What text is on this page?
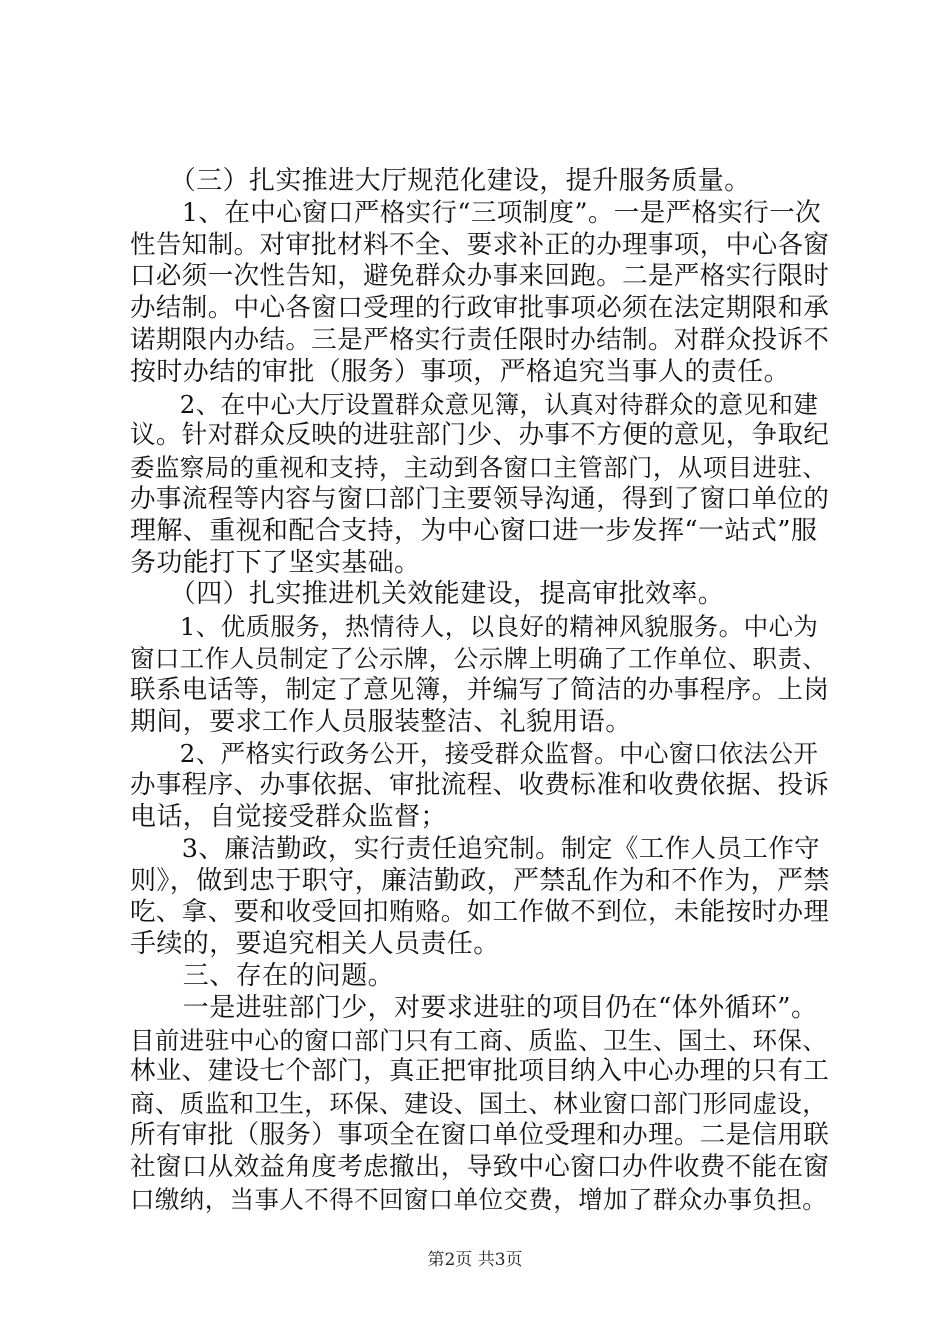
　　（三）扎实推进大厅规范化建设，提升服务质量。
　　1、在中心窗口严格实行“三项制度”。一是严格实行一次
性告知制。对审批材料不全、要求补正的办理事项，中心各窗
口必须一次性告知，避免群众办事来回跑。二是严格实行限时
办结制。中心各窗口受理的行政审批事项必须在法定期限和承
诺期限内办结。三是严格实行责任限时办结制。对群众投诉不
按时办结的审批（服务）事项，严格追究当事人的责任。
　　2、在中心大厅设置群众意见簿，认真对待群众的意见和建
议。针对群众反映的进驻部门少、办事不方便的意见，争取纪
委监察局的重视和支持，主动到各窗口主管部门，从项目进驻、
办事流程等内容与窗口部门主要领导沟通，得到了窗口单位的
理解、重视和配合支持，为中心窗口进一步发挥“一站式”服
务功能打下了坚实基础。
　　（四）扎实推进机关效能建设，提高审批效率。
　　1、优质服务，热情待人，以良好的精神风貌服务。中心为
窗口工作人员制定了公示牌，公示牌上明确了工作单位、职责、
联系电话等，制定了意见簿，并编写了简洁的办事程序。上岗
期间，要求工作人员服装整洁、礼貌用语。
　　2、严格实行政务公开，接受群众监督。中心窗口依法公开
办事程序、办事依据、审批流程、收费标准和收费依据、投诉
电话，自觉接受群众监督；
　　3、廉洁勤政，实行责任追究制。制定《工作人员工作守
则》，做到忠于职守，廉洁勤政，严禁乱作为和不作为，严禁
吃、拿、要和收受回扣贿赂。如工作做不到位，未能按时办理
手续的，要追究相关人员责任。
　　三、存在的问题。
　　一是进驻部门少，对要求进驻的项目仍在“体外循环”。
目前进驻中心的窗口部门只有工商、质监、卫生、国土、环保、
林业、建设七个部门，真正把审批项目纳入中心办理的只有工
商、质监和卫生，环保、建设、国土、林业窗口部门形同虚设，
所有审批（服务）事项全在窗口单位受理和办理。二是信用联
社窗口从效益角度考虑撤出，导致中心窗口办件收费不能在窗
口缴纳，当事人不得不回窗口单位交费，增加了群众办事负担。
第2页 共3页
